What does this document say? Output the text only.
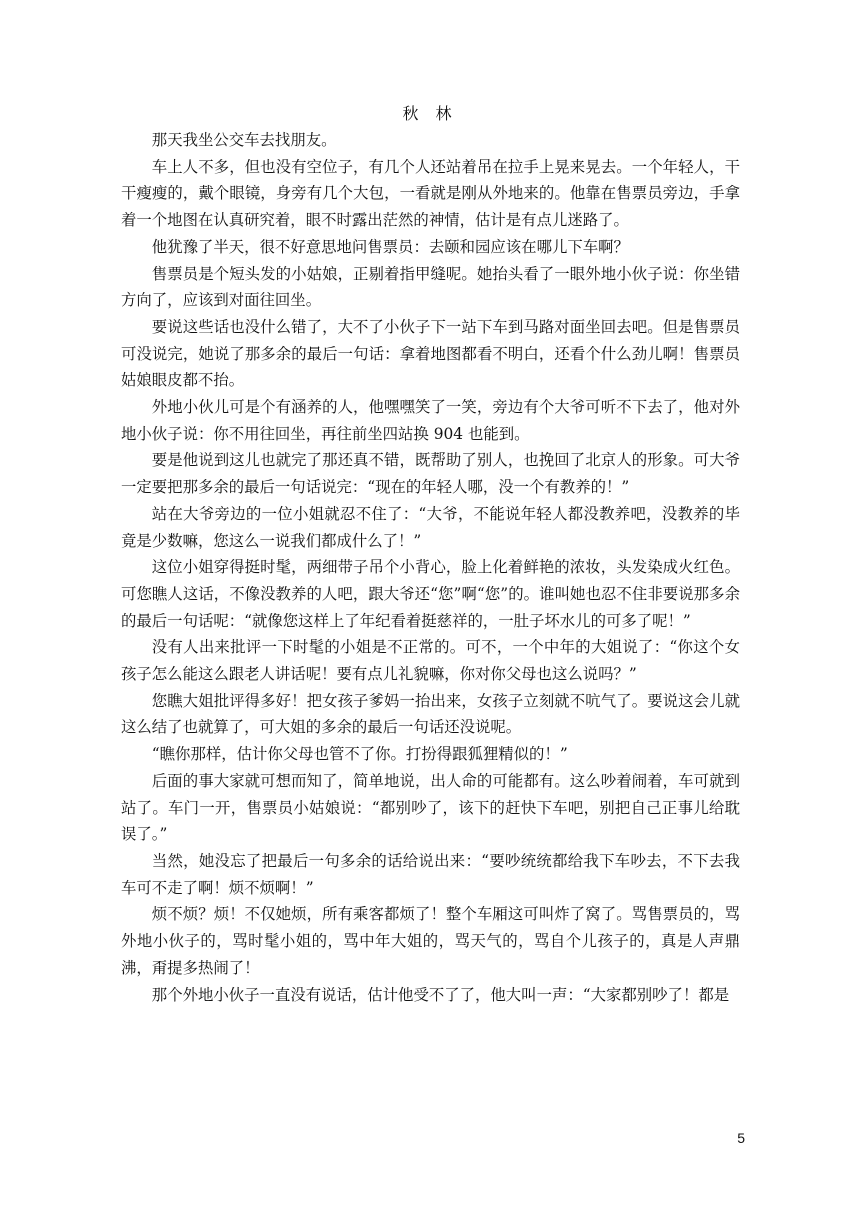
秋 林

那天我坐公交车去找朋友。

车上人不多，但也没有空位子，有几个人还站着吊在拉手上晃来晃去。一个年轻人，干干瘦瘦的，戴个眼镜，身旁有几个大包，一看就是刚从外地来的。他靠在售票员旁边，手拿着一个地图在认真研究着，眼不时露出茫然的神情，估计是有点儿迷路了。

他犹豫了半天，很不好意思地问售票员：去颐和园应该在哪儿下车啊？

售票员是个短头发的小姑娘，正剔着指甲缝呢。她抬头看了一眼外地小伙子说：你坐错方向了，应该到对面往回坐。

要说这些话也没什么错了，大不了小伙子下一站下车到马路对面坐回去吧。但是售票员可没说完，她说了那多余的最后一句话：拿着地图都看不明白，还看个什么劲儿啊！售票员姑娘眼皮都不抬。

外地小伙儿可是个有涵养的人，他嘿嘿笑了一笑，旁边有个大爷可听不下去了，他对外地小伙子说：你不用往回坐，再往前坐四站换 904 也能到。

要是他说到这儿也就完了那还真不错，既帮助了别人，也挽回了北京人的形象。可大爷一定要把那多余的最后一句话说完：“现在的年轻人哪，没一个有教养的！”

站在大爷旁边的一位小姐就忍不住了：“大爷，不能说年轻人都没教养吧，没教养的毕竟是少数嘛，您这么一说我们都成什么了！”

这位小姐穿得挺时髦，两细带子吊个小背心，脸上化着鲜艳的浓妆，头发染成火红色。可您瞧人这话，不像没教养的人吧，跟大爷还“您”啊“您”的。谁叫她也忍不住非要说那多余的最后一句话呢：“就像您这样上了年纪看着挺慈祥的，一肚子坏水儿的可多了呢！”

没有人出来批评一下时髦的小姐是不正常的。可不，一个中年的大姐说了：“你这个女孩子怎么能这么跟老人讲话呢！要有点儿礼貌嘛，你对你父母也这么说吗？”

您瞧大姐批评得多好！把女孩子爹妈一抬出来，女孩子立刻就不吭气了。要说这会儿就这么结了也就算了，可大姐的多余的最后一句话还没说呢。

“瞧你那样，估计你父母也管不了你。打扮得跟狐狸精似的！”

后面的事大家就可想而知了，简单地说，出人命的可能都有。这么吵着闹着，车可就到站了。车门一开，售票员小姑娘说：“都别吵了，该下的赶快下车吧，别把自己正事儿给耽误了。”

当然，她没忘了把最后一句多余的话给说出来：“要吵统统都给我下车吵去，不下去我车可不走了啊！烦不烦啊！”

烦不烦？烦！不仅她烦，所有乘客都烦了！整个车厢这可叫炸了窝了。骂售票员的，骂外地小伙子的，骂时髦小姐的，骂中年大姐的，骂天气的，骂自个儿孩子的，真是人声鼎沸，甭提多热闹了！

那个外地小伙子一直没有说话，估计他受不了了，他大叫一声：“大家都别吵了！都是

5
